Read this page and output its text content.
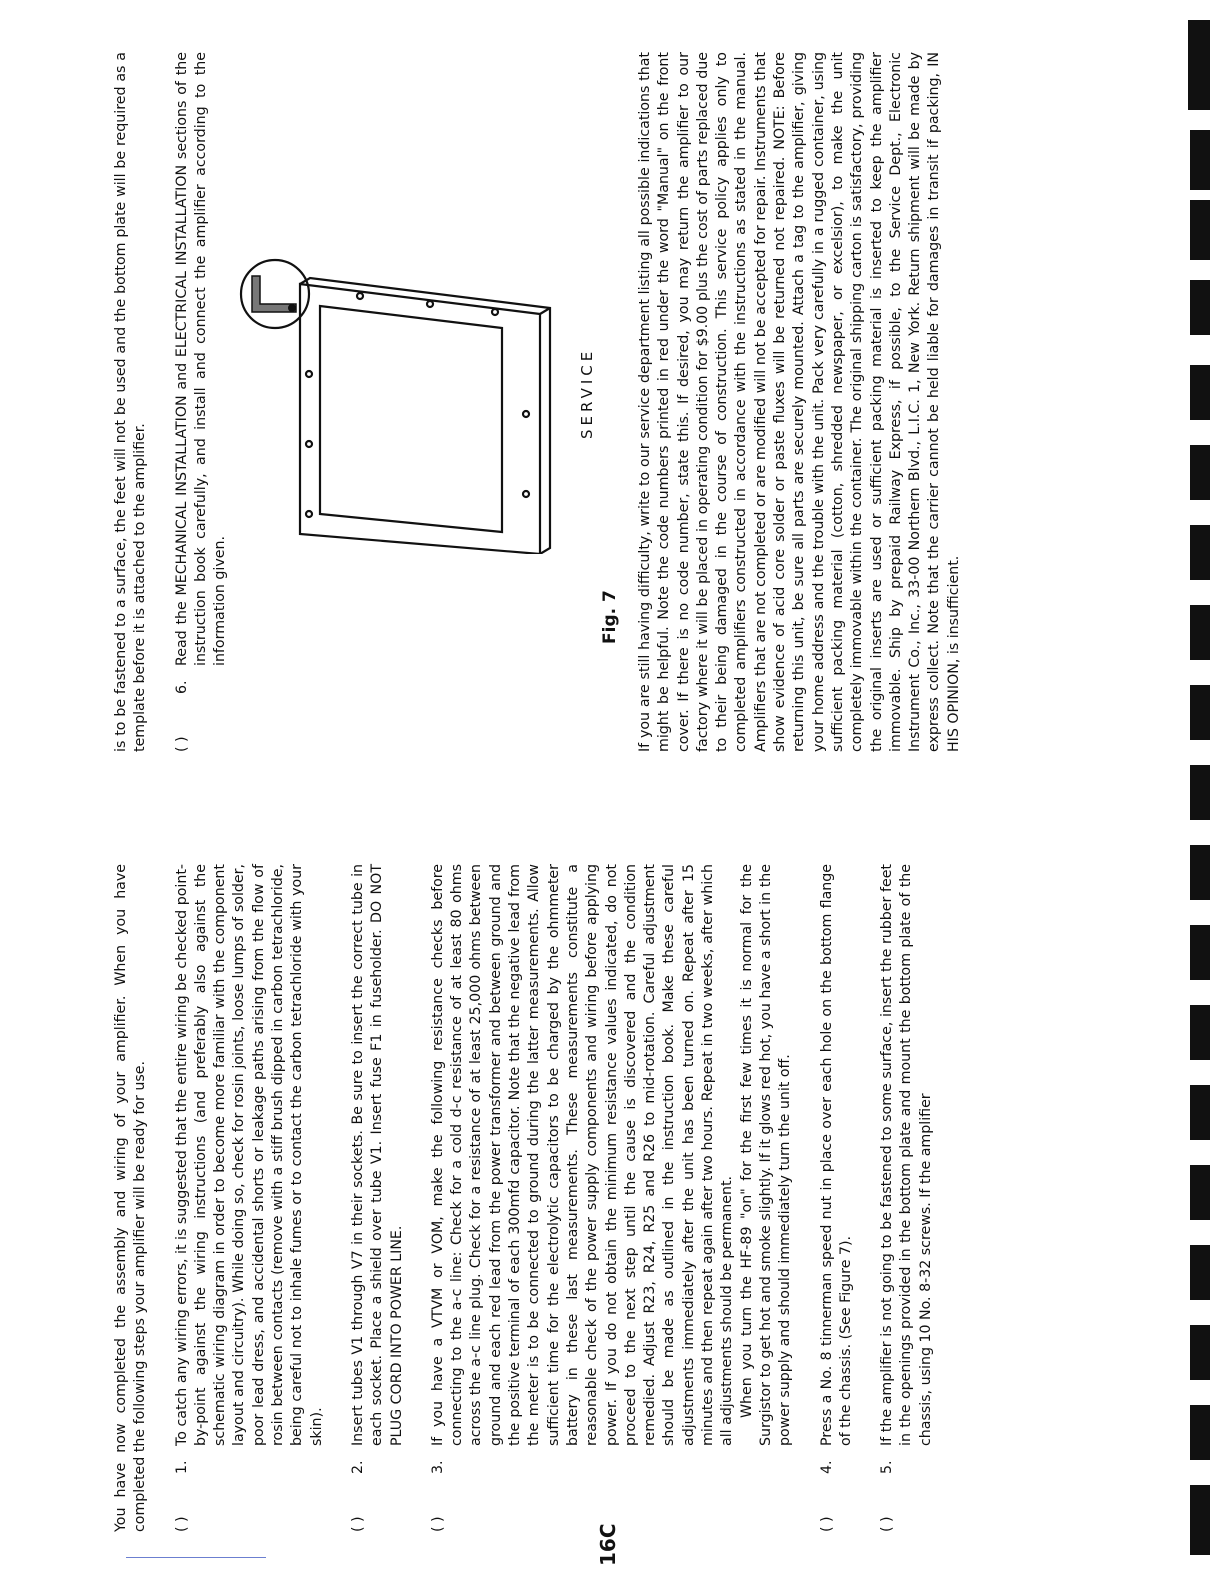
You have now completed the assembly and wiring of your amplifier. When you have completed the following steps your amplifier will be ready for use. ( )
1.
To catch any wiring errors, it is suggested that the entire wiring be checked point-by-point against the wiring instructions (and preferably also against the schematic wiring diagram in order to become more familiar with the component layout and circuitry). While doing so, check for rosin joints, loose lumps of solder, poor lead dress, and accidental shorts or leakage paths arising from the flow of rosin between contacts (remove with a stiff brush dipped in carbon tetrachloride, being careful not to inhale fumes or to contact the carbon tetrachloride with your skin).
( )
2.
Insert tubes V1 through V7 in their sockets. Be sure to insert the correct tube in each socket. Place a shield over tube V1. Insert fuse F1 in fuseholder. DO NOT PLUG CORD INTO POWER LINE.
( )
3.
If you have a VTVM or VOM, make the following resistance checks before connecting to the a-c line: Check for a cold d-c resistance of at least 80 ohms across the a-c line plug. Check for a resistance of at least 25,000 ohms between ground and each red lead from the power transformer and between ground and the positive terminal of each 300mfd capacitor. Note that the negative lead from the meter is to be connected to ground during the latter measurements. Allow sufficient time for the electrolytic capacitors to be charged by the ohmmeter battery in these last measurements. These measurements constitute a reasonable check of the power supply components and wiring before applying power. If you do not obtain the minimum resistance values indicated, do not proceed to the next step until the cause is discovered and the condition remedied. Adjust R23, R24, R25 and R26 to mid-rotation. Careful adjustment should be made as outlined in the instruction book. Make these careful adjustments immediately after the unit has been turned on. Repeat after 15 minutes and then repeat again after two hours. Repeat in two weeks, after which all adjustments should be permanent. When you turn the HF-89 "on" for the first few times it is normal for the Surgistor to get hot and smoke slightly. If it glows red hot, you have a short in the power supply and should immediately turn the unit off.
( )
4.
Press a No. 8 tinnerman speed nut in place over each hole on the bottom flange of the chassis. (See Figure 7).
( )
5.
If the amplifier is not going to be fastened to some surface, insert the rubber feet in the openings provided in the bottom plate and mount the bottom plate of the chassis, using 10 No. 8-32 screws. If the amplifier
16C

is to be fastened to a surface, the feet will not be used and the bottom plate will be required as a template before it is attached to the amplifier. ( )
6.
Read the MECHANICAL INSTALLATION and ELECTRICAL INSTALLATION sections of the instruction book carefully, and install and connect the amplifier according to the information given.	Fig. 7
SERVICE	If you are still having difficulty, write to our service department listing all possible indications that might be helpful. Note the code numbers printed in red under the word "Manual" on the front cover. If there is no code number, state this. If desired, you may return the amplifier to our factory where it will be placed in operating condition for $9.00 plus the cost of parts replaced due to their being damaged in the course of construction. This service policy applies only to completed amplifiers constructed in accordance with the instructions as stated in the manual. Amplifiers that are not completed or are modified will not be accepted for repair. Instruments that show evidence of acid core solder or paste fluxes will be returned not repaired. NOTE: Before returning this unit, be sure all parts are securely mounted. Attach a tag to the amplifier, giving your home address and the trouble with the unit. Pack very carefully in a rugged container, using sufficient packing material (cotton, shredded newspaper, or excelsior), to make the unit completely immovable within the container. The original shipping carton is satisfactory, providing the original inserts are used or sufficient packing material is inserted to keep the amplifier immovable. Ship by prepaid Railway Express, if possible, to the Service Dept., Electronic Instrument Co., Inc., 33-00 Northern Blvd., L.I.C. 1, New York. Return shipment will be made by express collect. Note that the carrier cannot be held liable for damages in transit if packing, IN HIS OPINION, is insufficient.
